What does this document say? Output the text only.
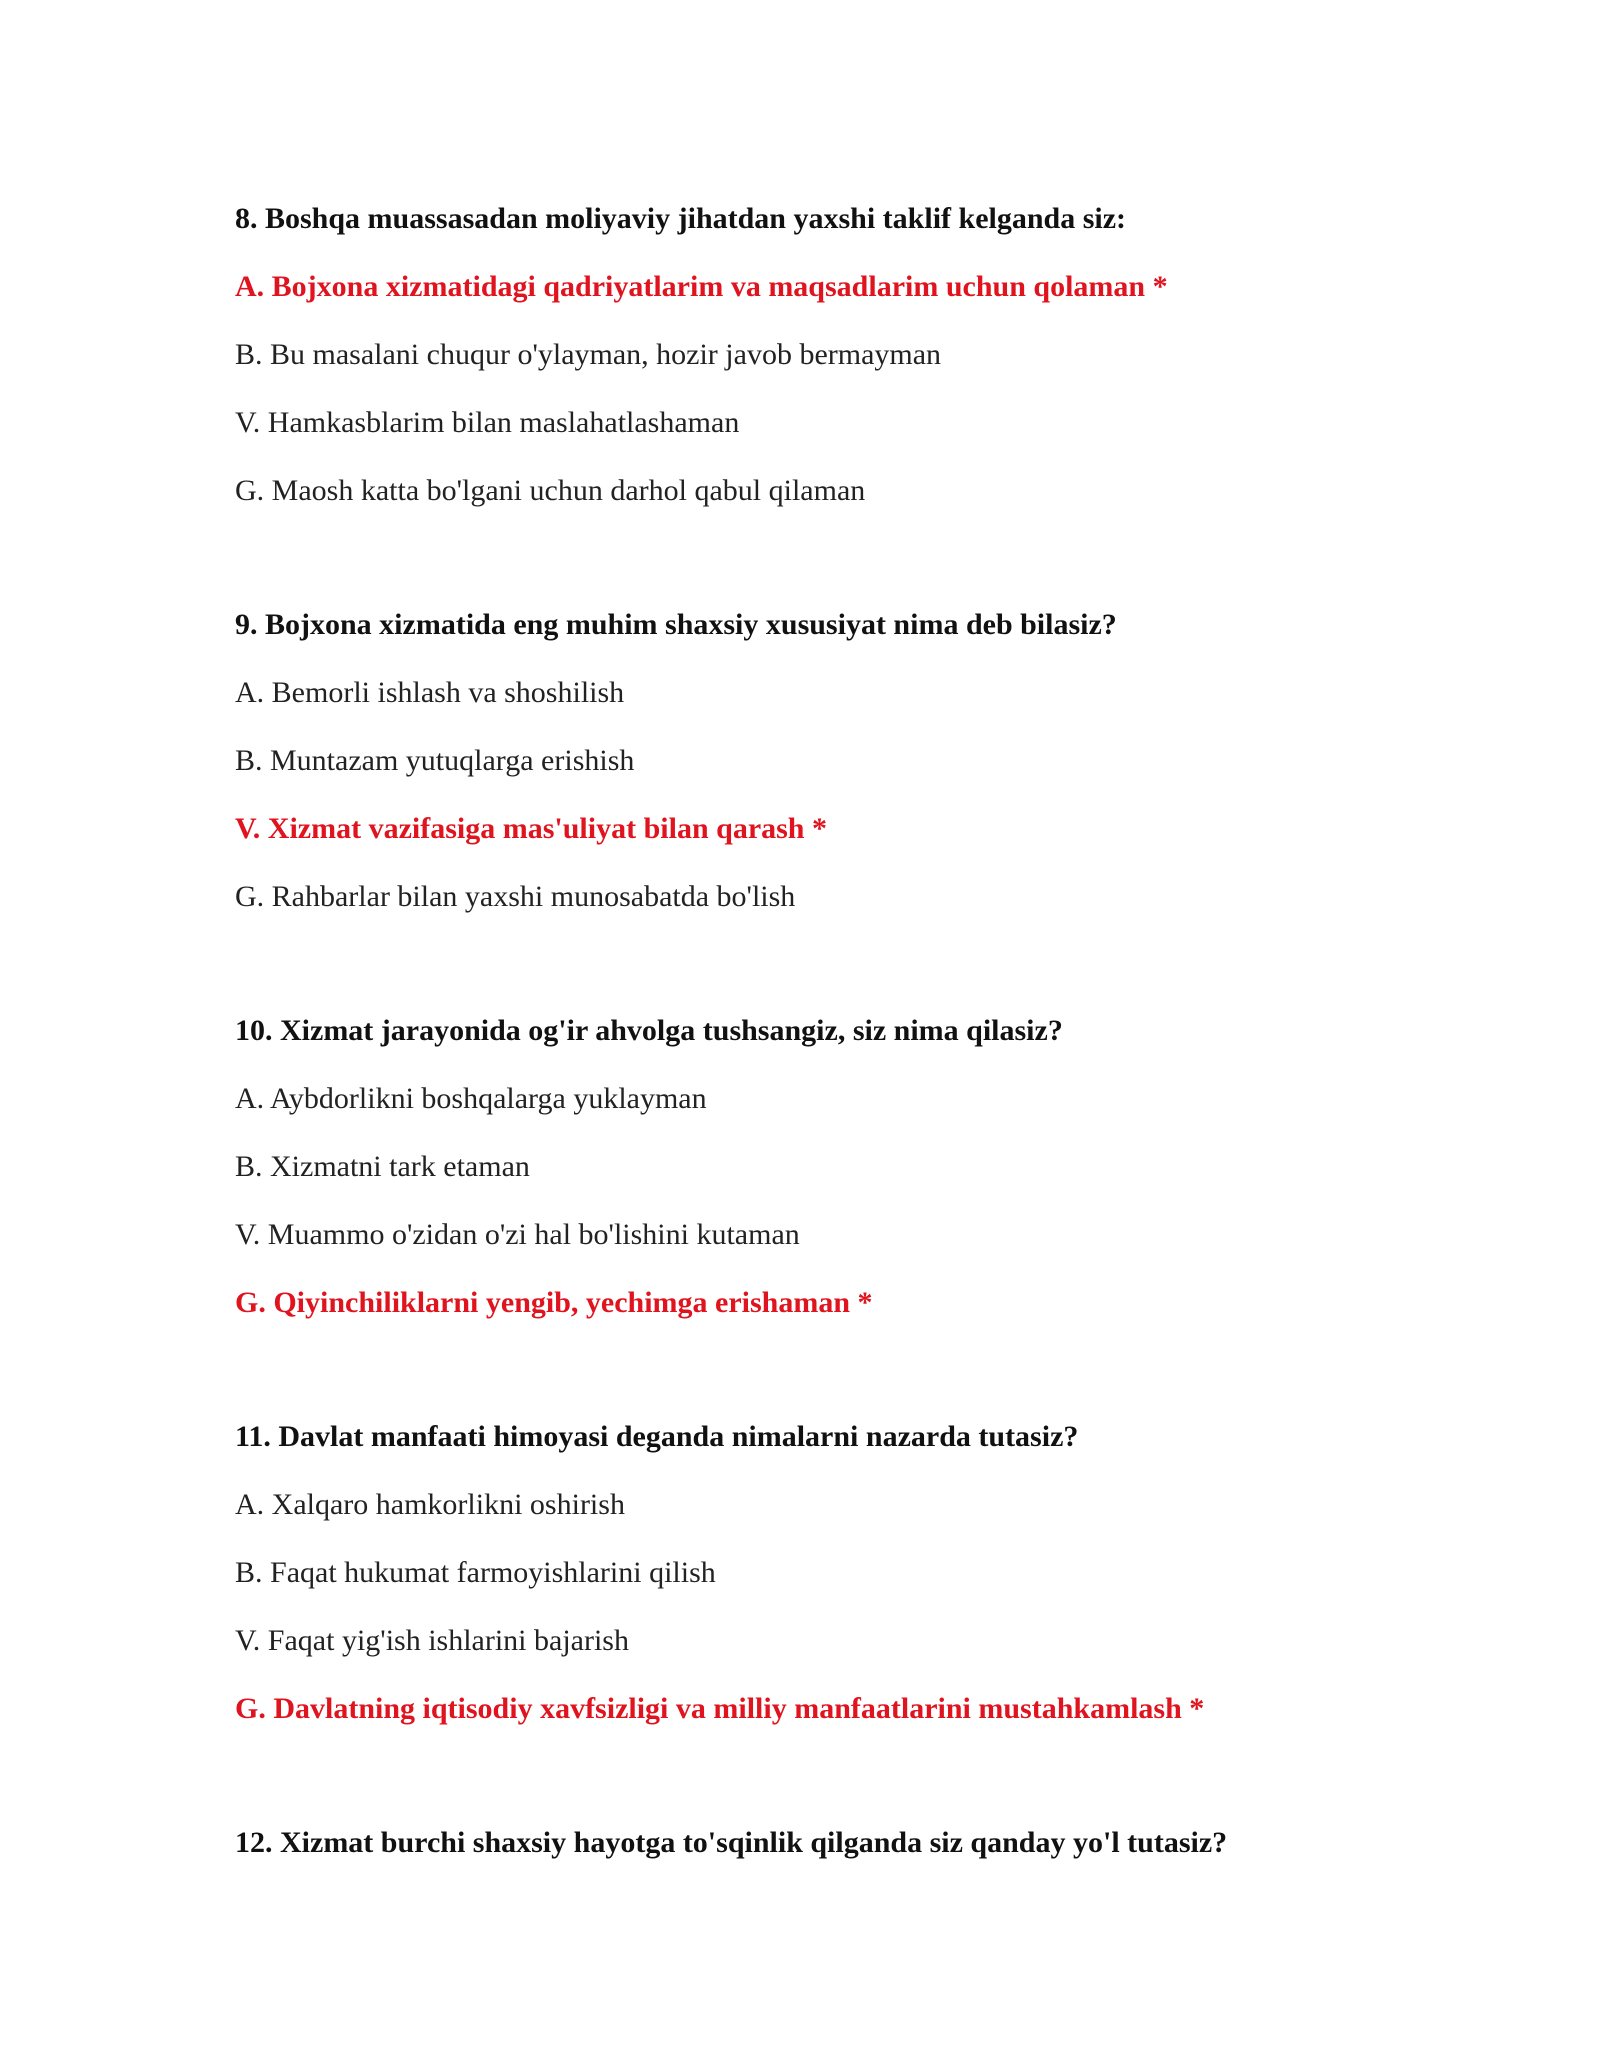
8. Boshqa muassasadan moliyaviy jihatdan yaxshi taklif kelganda siz:
A. Bojxona xizmatidagi qadriyatlarim va maqsadlarim uchun qolaman *
B. Bu masalani chuqur o'ylayman, hozir javob bermayman
V. Hamkasblarim bilan maslahatlashaman
G. Maosh katta bo'lgani uchun darhol qabul qilaman
9. Bojxona xizmatida eng muhim shaxsiy xususiyat nima deb bilasiz?
A. Bemorli ishlash va shoshilish
B. Muntazam yutuqlarga erishish
V. Xizmat vazifasiga mas'uliyat bilan qarash *
G. Rahbarlar bilan yaxshi munosabatda bo'lish
10. Xizmat jarayonida og'ir ahvolga tushsangiz, siz nima qilasiz?
A. Aybdorlikni boshqalarga yuklayman
B. Xizmatni tark etaman
V. Muammo o'zidan o'zi hal bo'lishini kutaman
G. Qiyinchiliklarni yengib, yechimga erishaman *
11. Davlat manfaati himoyasi deganda nimalarni nazarda tutasiz?
A. Xalqaro hamkorlikni oshirish
B. Faqat hukumat farmoyishlarini qilish
V. Faqat yig'ish ishlarini bajarish
G. Davlatning iqtisodiy xavfsizligi va milliy manfaatlarini mustahkamlash *
12. Xizmat burchi shaxsiy hayotga to'sqinlik qilganda siz qanday yo'l tutasiz?
